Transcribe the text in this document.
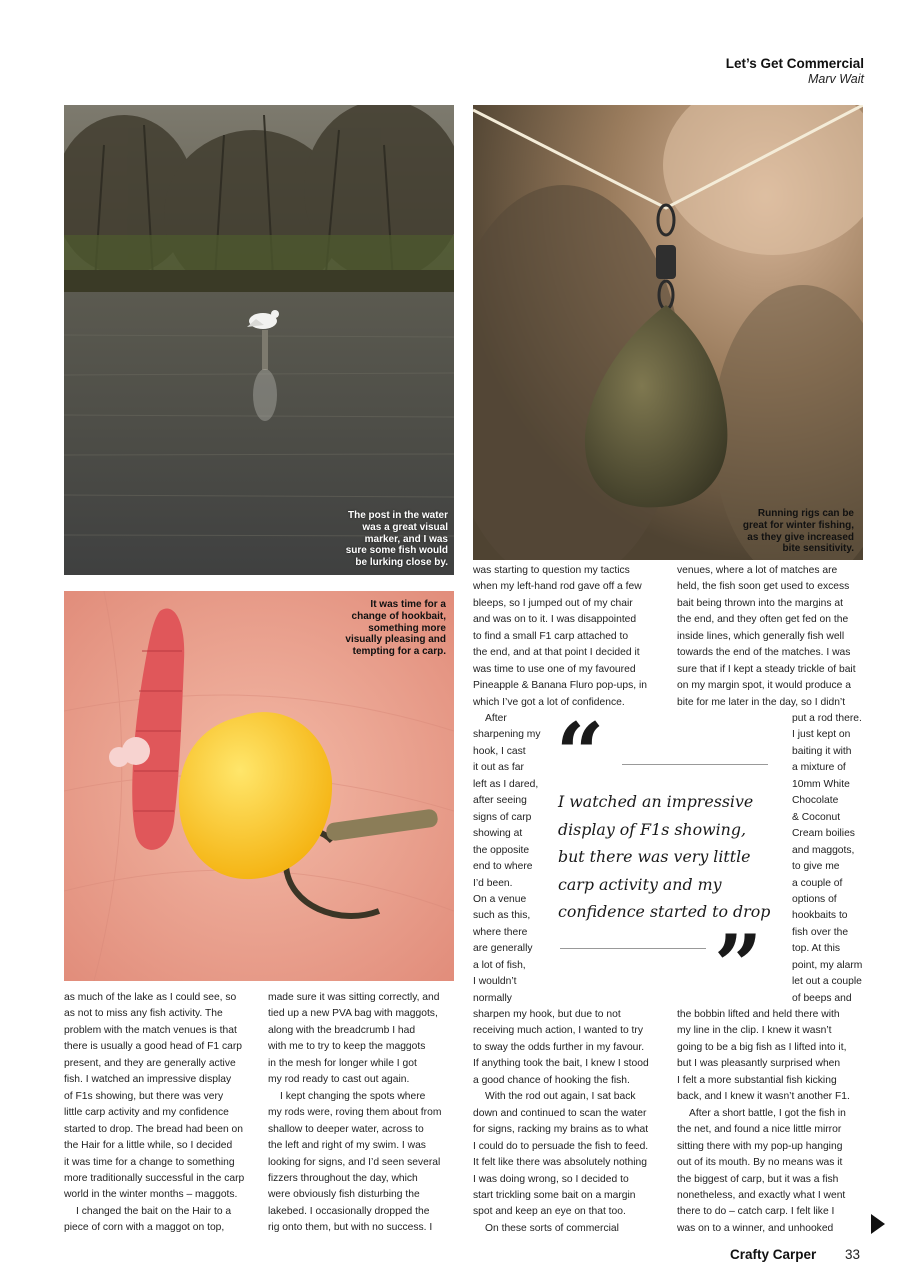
Let’s Get Commercial
Marv Wait
The post in the water
was a great visual
marker, and I was
sure some fish would
be lurking close by.
Running rigs can be
great for winter fishing,
as they give increased
bite sensitivity.
It was time for a
change of hookbait,
something more
visually pleasing and
tempting for a carp.

as much of the lake as I could see, so

as not to miss any fish activity. The

problem with the match venues is that

there is usually a good head of F1 carp

present, and they are generally active

fish. I watched an impressive display

of F1s showing, but there was very

little carp activity and my confidence

started to drop. The bread had been on

the Hair for a little while, so I decided

it was time for a change to something

more traditionally successful in the carp

world in the winter months – maggots.

I changed the bait on the Hair to a

piece of corn with a maggot on top,

made sure it was sitting correctly, and

tied up a new PVA bag with maggots,

along with the breadcrumb I had

with me to try to keep the maggots

in the mesh for longer while I got

my rod ready to cast out again.

I kept changing the spots where

my rods were, roving them about from

shallow to deeper water, across to

the left and right of my swim. I was

looking for signs, and I’d seen several

fizzers throughout the day, which

were obviously fish disturbing the

lakebed. I occasionally dropped the

rig onto them, but with no success. I

was starting to question my tactics

when my left-hand rod gave off a few

bleeps, so I jumped out of my chair

and was on to it. I was disappointed

to find a small F1 carp attached to

the end, and at that point I decided it

was time to use one of my favoured

Pineapple & Banana Fluro pop-ups, in

which I’ve got a lot of confidence.

After

sharpening my

hook, I cast

it out as far

left as I dared,

after seeing

signs of carp

showing at

the opposite

end to where

I’d been.

On a venue

such as this,

where there

are generally

a lot of fish,

I wouldn’t

normally

sharpen my hook, but due to not

receiving much action, I wanted to try

to sway the odds further in my favour.

If anything took the bait, I knew I stood

a good chance of hooking the fish.

With the rod out again, I sat back

down and continued to scan the water

for signs, racking my brains as to what

I could do to persuade the fish to feed.

It felt like there was absolutely nothing

I was doing wrong, so I decided to

start trickling some bait on a margin

spot and keep an eye on that too.

On these sorts of commercial

venues, where a lot of matches are

held, the fish soon get used to excess

bait being thrown into the margins at

the end, and they often get fed on the

inside lines, which generally fish well

towards the end of the matches. I was

sure that if I kept a steady trickle of bait

on my margin spot, it would produce a

bite for me later in the day, so I didn’t

put a rod there.

I just kept on

baiting it with

a mixture of

10mm White

Chocolate

& Coconut

Cream boilies

and maggots,

to give me

a couple of

options of

hookbaits to

fish over the

top. At this

point, my alarm

let out a couple

of beeps and

the bobbin lifted and held there with

my line in the clip. I knew it wasn’t

going to be a big fish as I lifted into it,

but I was pleasantly surprised when

I felt a more substantial fish kicking

back, and I knew it wasn’t another F1.

After a short battle, I got the fish in

the net, and found a nice little mirror

sitting there with my pop-up hanging

out of its mouth. By no means was it

the biggest of carp, but it was a fish

nonetheless, and exactly what I went

there to do – catch carp. I felt like I

was on to a winner, and unhooked

“
I watched an impressive
display of F1s showing,
but there was very little
carp activity and my
confidence started to drop
”
Crafty Carper 33
